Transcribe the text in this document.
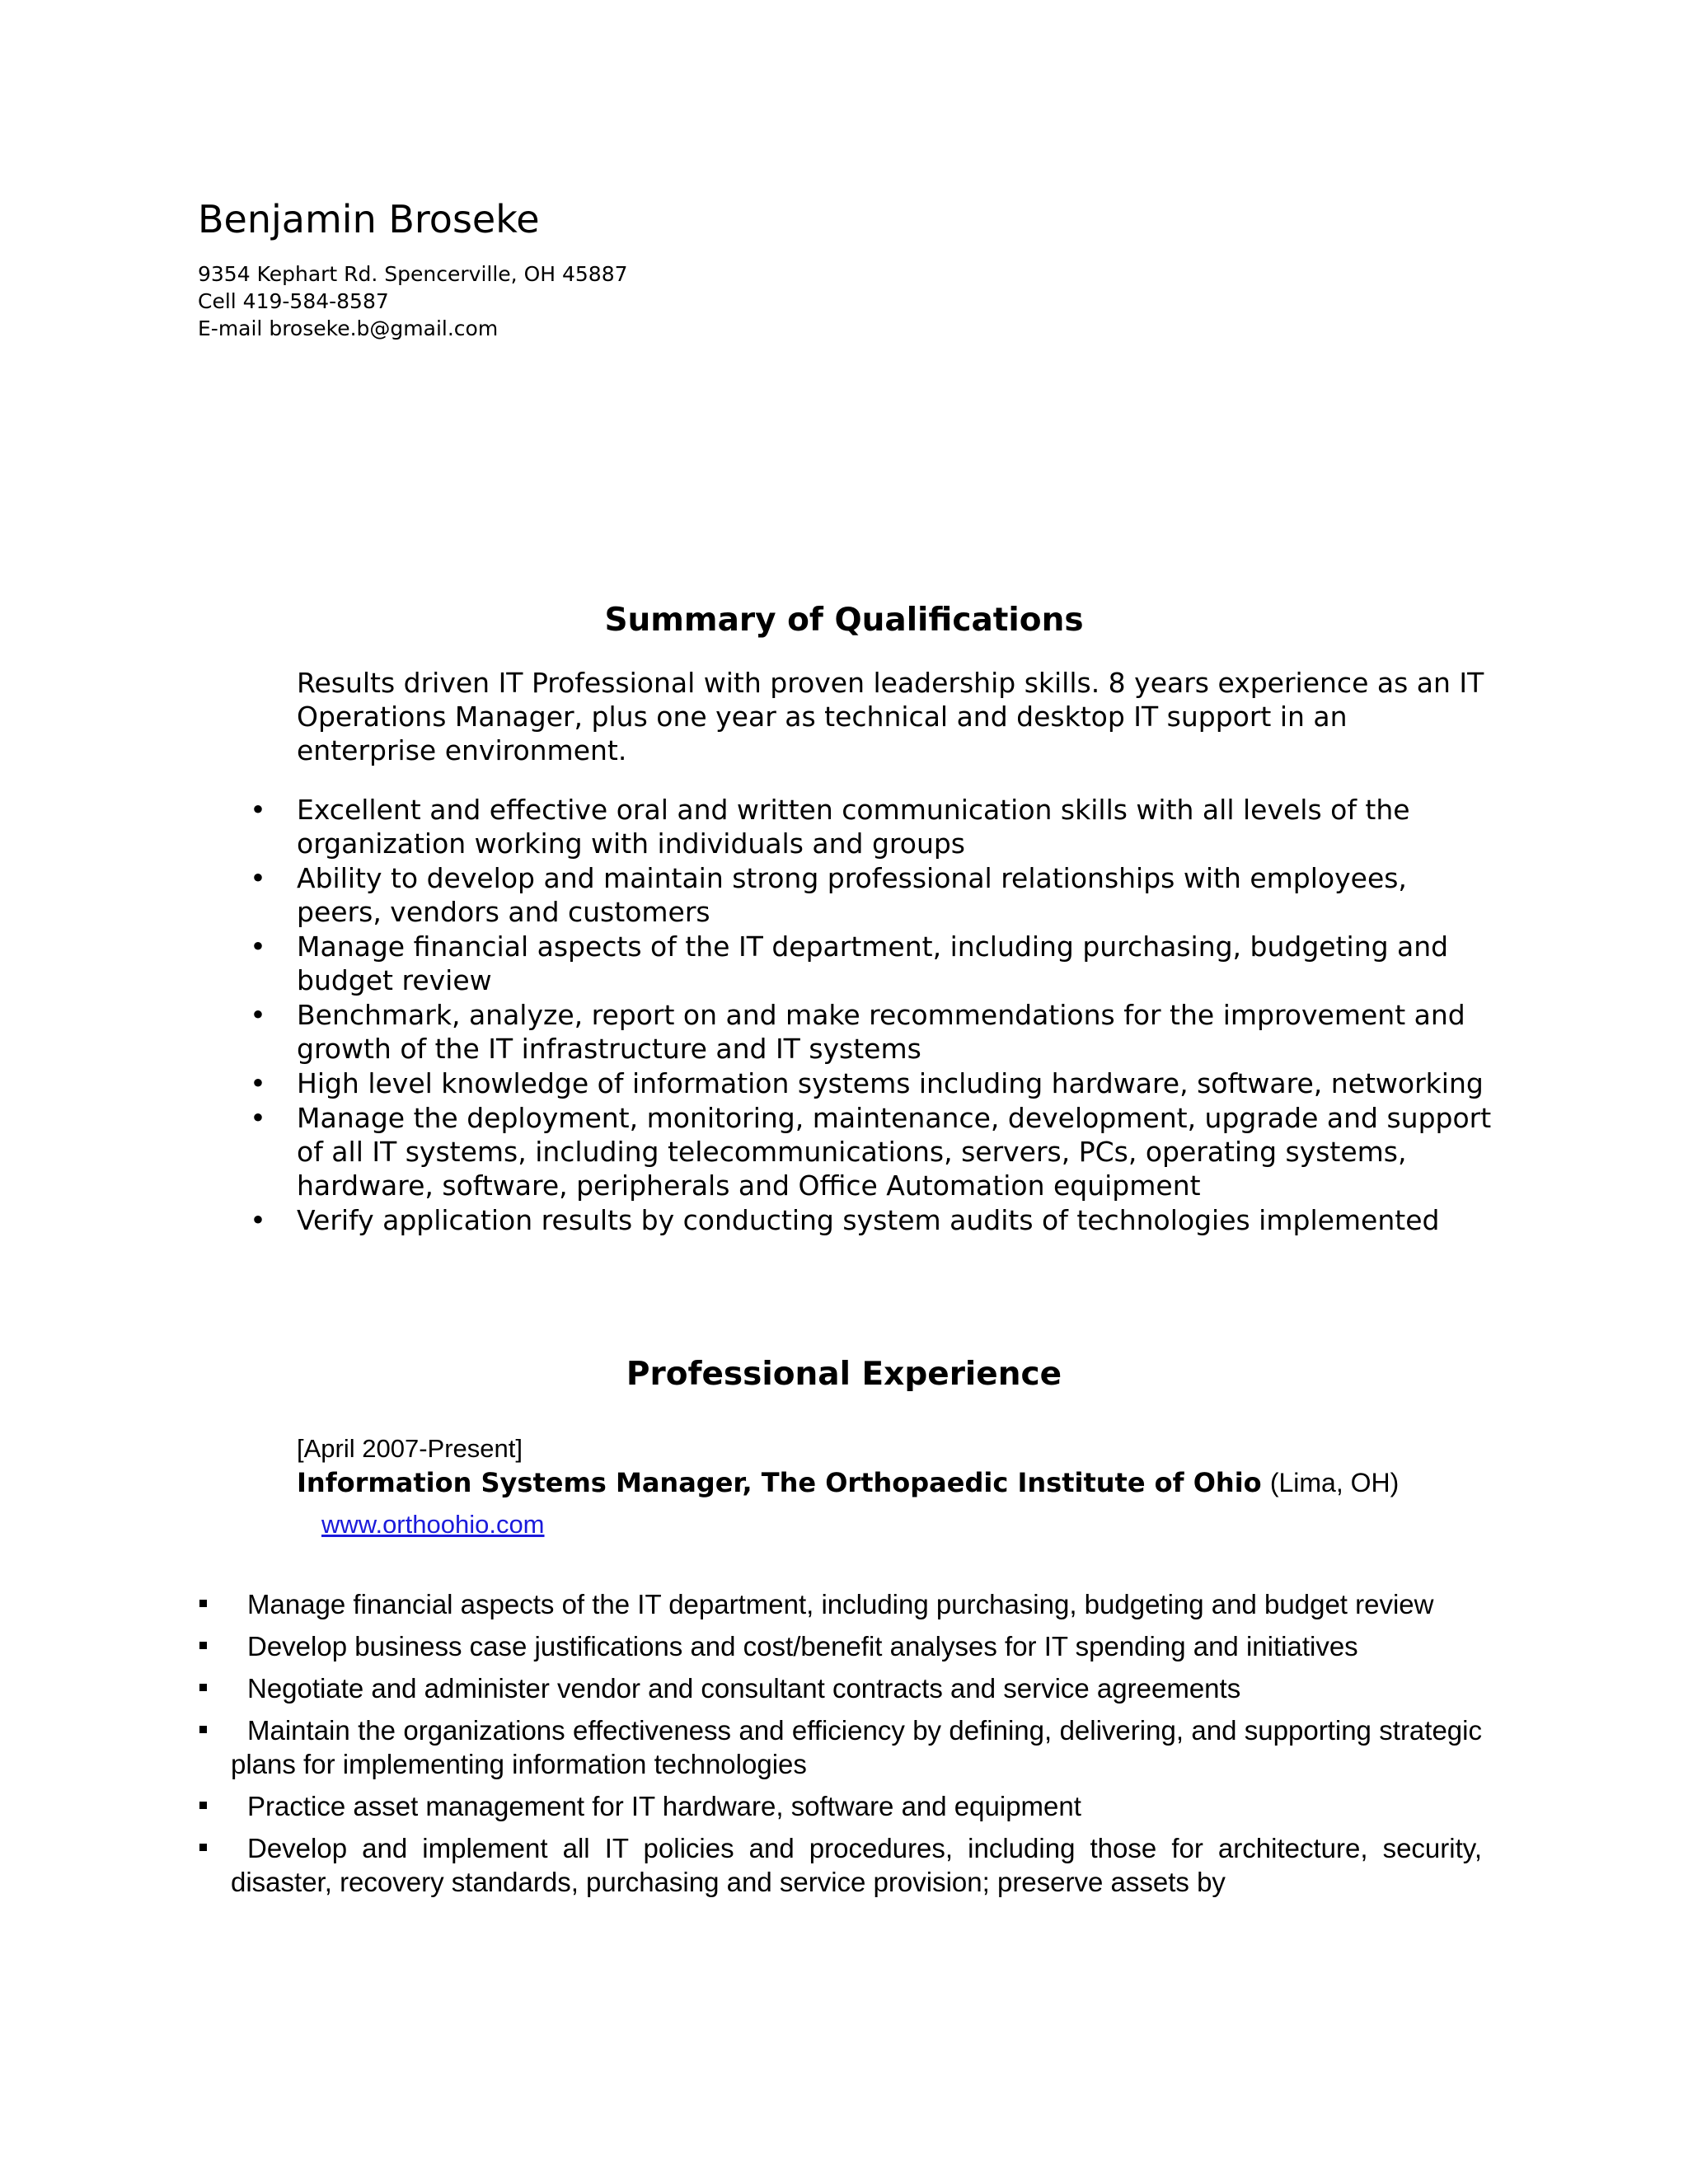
Benjamin Broseke
9354 Kephart Rd. Spencerville, OH 45887
Cell 419-584-8587
E-mail broseke.b@gmail.com
Summary of Qualifications
Results driven IT Professional with proven leadership skills. 8 years experience as an IT Operations Manager, plus one year as technical and desktop IT support in an enterprise environment.
• Excellent and effective oral and written communication skills with all levels of the organization working with individuals and groups
• Ability to develop and maintain strong professional relationships with employees, peers, vendors and customers
• Manage financial aspects of the IT department, including purchasing, budgeting and budget review
• Benchmark, analyze, report on and make recommendations for the improvement and growth of the IT infrastructure and IT systems
• High level knowledge of information systems including hardware, software, networking
• Manage the deployment, monitoring, maintenance, development, upgrade and support of all IT systems, including telecommunications, servers, PCs, operating systems, hardware, software, peripherals and Office Automation equipment
• Verify application results by conducting system audits of technologies implemented
Professional Experience
[April 2007-Present]
Information Systems Manager, The Orthopaedic Institute of Ohio (Lima, OH)
www.orthoohio.com
Manage financial aspects of the IT department, including purchasing, budgeting and budget review
Develop business case justifications and cost/benefit analyses for IT spending and initiatives
Negotiate and administer vendor and consultant contracts and service agreements
Maintain the organizations effectiveness and efficiency by defining, delivering, and supporting strategic plans for implementing information technologies
Practice asset management for IT hardware, software and equipment
Develop and implement all IT policies and procedures, including those for architecture, security, disaster, recovery standards, purchasing and service provision; preserve assets by
